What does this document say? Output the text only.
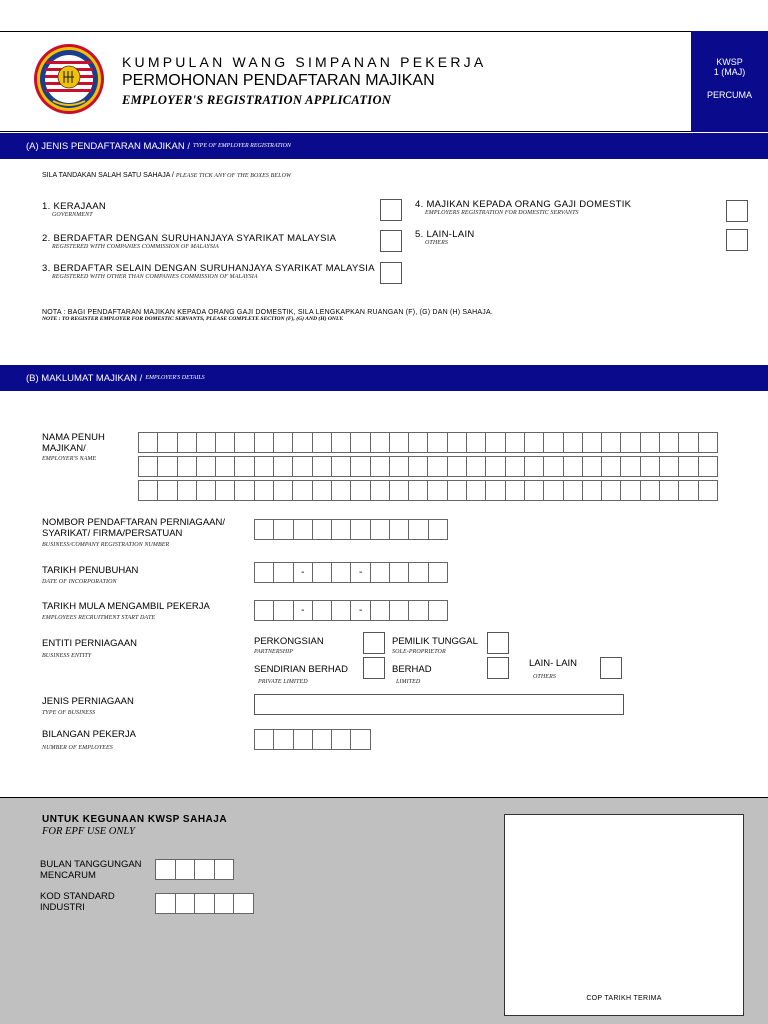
KUMPULAN WANG SIMPANAN PEKERJA
PERMOHONAN PENDAFTARAN MAJIKAN
EMPLOYER'S REGISTRATION APPLICATION
KWSP
1 (MAJ)
PERCUMA
(A) JENIS PENDAFTARAN MAJIKAN / TYPE OF EMPLOYER REGISTRATION
SILA TANDAKAN SALAH SATU SAHAJA / PLEASE TICK ANY OF THE BOXES BELOW
1. KERAJAAN
GOVERNMENT
2. BERDAFTAR DENGAN SURUHANJAYA SYARIKAT MALAYSIA
REGISTERED WITH COMPANIES COMMISSION OF MALAYSIA
3. BERDAFTAR SELAIN DENGAN SURUHANJAYA SYARIKAT MALAYSIA
REGISTERED WITH OTHER THAN COMPANIES COMMISSION OF MALAYSIA
4. MAJIKAN KEPADA ORANG GAJI DOMESTIK
EMPLOYERS REGISTRATION FOR DOMESTIC SERVANTS
5. LAIN-LAIN
OTHERS
NOTA : BAGI PENDAFTARAN MAJIKAN KEPADA ORANG GAJI DOMESTIK, SILA LENGKAPKAN RUANGAN (F), (G) DAN (H) SAHAJA.
NOTE : TO REGISTER EMPLOYER FOR DOMESTIC SERVANTS, PLEASE COMPLETE SECTION (F), (G) AND (H) ONLY.
(B) MAKLUMAT MAJIKAN / EMPLOYER'S DETAILS
NAMA PENUH
MAJIKAN/
EMPLOYER'S NAME
NOMBOR PENDAFTARAN PERNIAGAAN/
SYARIKAT/ FIRMA/PERSATUAN
BUSINESS/COMPANY REGISTRATION NUMBER
TARIKH PENUBUHAN
DATE OF INCORPORATION
-	-
TARIKH MULA MENGAMBIL PEKERJA
EMPLOYEES RECRUITMENT START DATE
-	-
ENTITI PERNIAGAAN
BUSINESS ENTITY
PERKONGSIAN
PARTNERSHIP
PEMILIK TUNGGAL
SOLE-PROPRIETOR
SENDIRIAN BERHAD
PRIVATE LIMITED
BERHAD
LIMITED
LAIN- LAIN
OTHERS
JENIS PERNIAGAAN
TYPE OF BUSINESS
BILANGAN PEKERJA
NUMBER OF EMPLOYEES
UNTUK KEGUNAAN KWSP SAHAJA
FOR EPF USE ONLY
BULAN TANGGUNGAN
MENCARUM
KOD STANDARD
INDUSTRI
COP TARIKH TERIMA
